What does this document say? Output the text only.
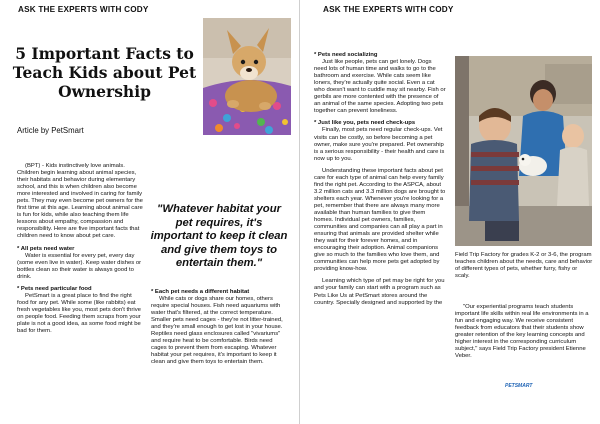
ASK THE EXPERTS WITH CODY
5 Important Facts to Teach Kids about Pet Ownership
Article by PetSmart

(BPT) - Kids instinctively love animals. Children begin learning about animal species, their habitats and behavior during elementary school, and this is when children also become more interested and involved in caring for family pets. They may even become pet owners for the first time at this age. Learning about animal care is fun for kids, while also teaching them life lessons about empathy, compassion and responsibility. Here are five important facts that children need to know about pet care.

* All pets need water

Water is essential for every pet, every day (some even live in water). Keep water dishes or bottles clean so their water is always good to drink.

* Pets need particular food

PetSmart is a great place to find the right food for any pet. While some (like rabbits) eat fresh vegetables like you, most pets don't thrive on people food. Feeding them scraps from your plate is not a good idea, as some food might be bad for them.

"Whatever habitat your pet requires, it's important to keep it clean and give them toys to entertain them."

* Each pet needs a different habitat

While cats or dogs share our homes, others require special houses. Fish need aquariums with water that's filtered, at the correct temperature. Smaller pets need cages - they're not litter-trained, and they're small enough to get lost in your house. Reptiles need glass enclosures called "vivariums" and require heat to be comfortable. Birds need cages to prevent them from escaping. Whatever habitat your pet requires, it's important to keep it clean and give them toys to entertain them.

ASK THE EXPERTS WITH CODY

* Pets need socializing

Just like people, pets can get lonely. Dogs need lots of human time and walks to go to the bathroom and exercise. While cats seem like loners, they're actually quite social. Even a cat who doesn't want to cuddle may sit nearby. Fish or gerbils are more contented with the presence of an animal of the same species. Adopting two pets together can prevent loneliness.

* Just like you, pets need check-ups

Finally, most pets need regular check-ups. Vet visits can be costly, so before becoming a pet owner, make sure you're prepared. Pet ownership is a serious responsibility - their health and care is now up to you.

Understanding these important facts about pet care for each type of animal can help every family find the right pet. According to the ASPCA, about 3.2 million cats and 3.3 million dogs are brought to shelters each year. Whenever you're looking for a pet, remember that there are always many more available than human families to give them homes. Individual pet owners, families, communities and companies can all play a part in ensuring that animals are provided shelter while they wait for their forever homes, and in encouraging their adoption. Animal companions give so much to the families who love them, and communities can help more pets get adopted by providing know-how.

Learning which type of pet may be right for you and your family can start with a program such as Pets Like Us at PetSmart stores around the country. Specially designed and supported by the

Field Trip Factory for grades K-2 or 3-6, the program teaches children about the needs, care and behavior of different types of pets, whether furry, fishy or scaly.

"Our experiential programs teach students important life skills within real life environments in a fun and engaging way. We receive consistent feedback from educators that their students show greater retention of the key learning concepts and higher interest in the corresponding curriculum subject," says Field Trip Factory president Etienne Veber.

PETSMART
